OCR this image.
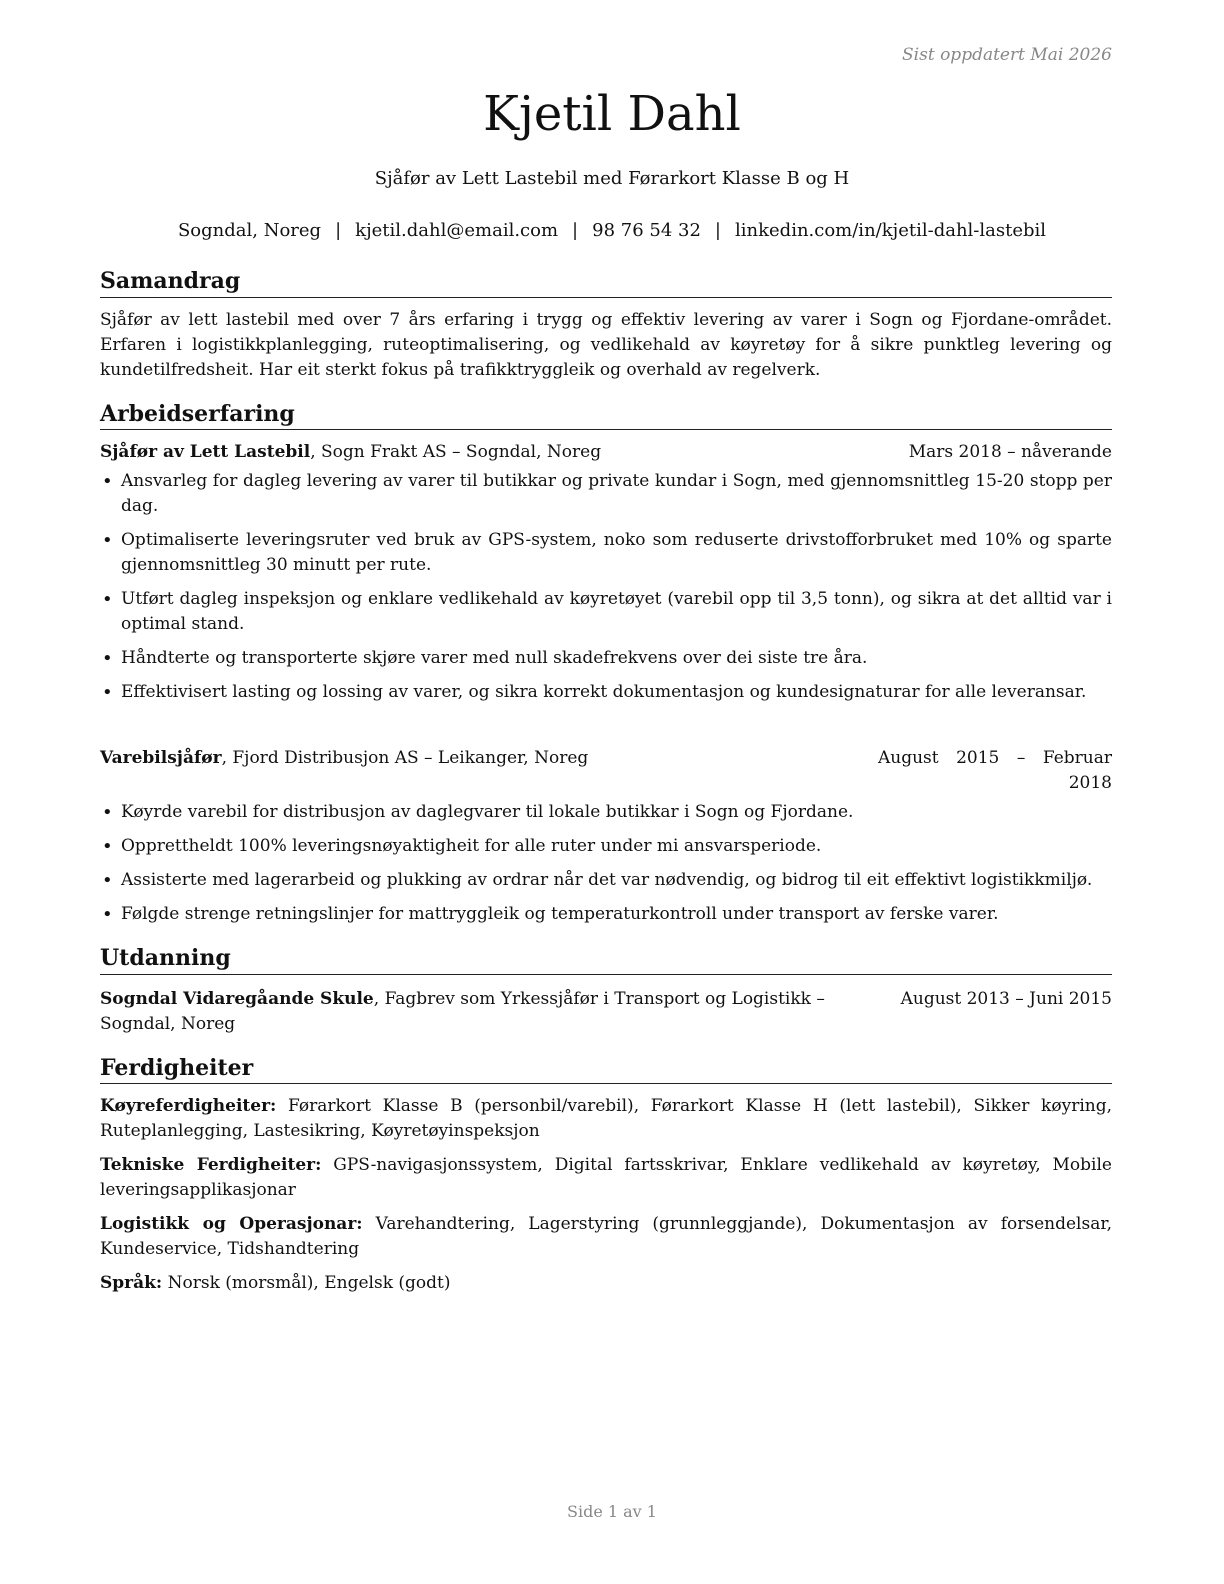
Sist oppdatert Mai 2026
Kjetil Dahl
Sjåfør av Lett Lastebil med Førarkort Klasse B og H
Sogndal, Noreg | kjetil.dahl@email.com | 98 76 54 32 | linkedin.com/in/kjetil-dahl-lastebil
Samandrag

Sjåfør av lett lastebil med over 7 års erfaring i trygg og effektiv levering av varer i Sogn og Fjordane-området. Erfaren i logistikkplanlegging, ruteoptimalisering, og vedlikehald av køyretøy for å sikre punktleg levering og kundetilfredsheit. Har eit sterkt fokus på trafikktryggleik og overhald av regelverk.

Arbeidserfaring
Sjåfør av Lett Lastebil, Sogn Frakt AS – Sogndal, Noreg	Mars 2018 – nåverande
• Ansvarleg for dagleg levering av varer til butikkar og private kundar i Sogn, med gjennomsnittleg 15-20 stopp per dag.
• Optimaliserte leveringsruter ved bruk av GPS-system, noko som reduserte drivstofforbruket med 10% og sparte gjennomsnittleg 30 minutt per rute.
• Utført dagleg inspeksjon og enklare vedlikehald av køyretøyet (varebil opp til 3,5 tonn), og sikra at det alltid var i optimal stand.
• Håndterte og transporterte skjøre varer med null skadefrekvens over dei siste tre åra.
• Effektivisert lasting og lossing av varer, og sikra korrekt dokumentasjon og kundesignaturar for alle leveransar.
Varebilsjåfør, Fjord Distribusjon AS – Leikanger, Noreg	August 2015 – Februar 2018
• Køyrde varebil for distribusjon av daglegvarer til lokale butikkar i Sogn og Fjordane.
• Opprettheldt 100% leveringsnøyaktigheit for alle ruter under mi ansvarsperiode.
• Assisterte med lagerarbeid og plukking av ordrar når det var nødvendig, og bidrog til eit effektivt logistikkmiljø.
• Følgde strenge retningslinjer for mattryggleik og temperaturkontroll under transport av ferske varer.
Utdanning
Sogndal Vidaregåande Skule, Fagbrev som Yrkessjåfør i Transport og Logistikk – Sogndal, Noreg
August 2013 – Juni 2015
Ferdigheiter
Køyreferdigheiter: Førarkort Klasse B (personbil/varebil), Førarkort Klasse H (lett lastebil), Sikker køyring, Ruteplanlegging, Lastesikring, Køyretøyinspeksjon
Tekniske Ferdigheiter: GPS-navigasjonssystem, Digital fartsskrivar, Enklare vedlikehald av køyretøy, Mobile leveringsapplikasjonar
Logistikk og Operasjonar: Varehandtering, Lagerstyring (grunnleggjande), Dokumentasjon av forsendelsar, Kundeservice, Tidshandtering
Språk: Norsk (morsmål), Engelsk (godt)
Side 1 av 1
